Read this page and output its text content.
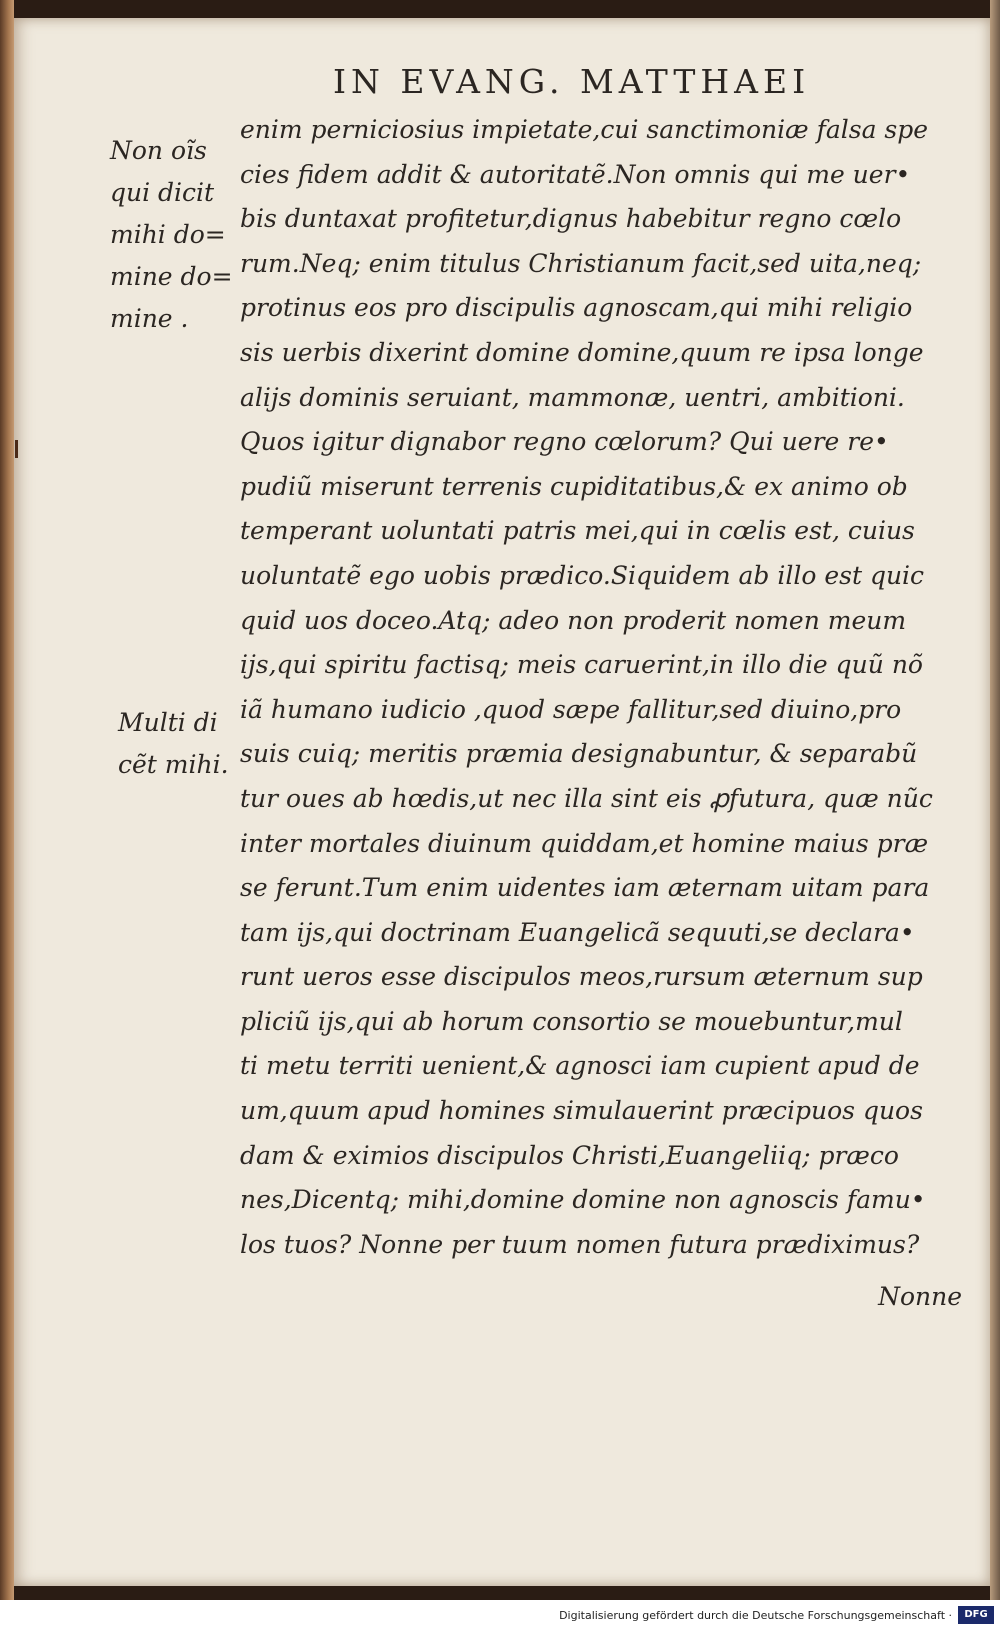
IN EVANG. MATTHAEI
Non oĩs
qui dicit
mihi do=
mine do=
mine .
Multi di
cẽt mihi.
enim perniciosius impietate,cui sanctimoniæ falsa spe
cies fidem addit & autoritatẽ.Non omnis qui me uer•
bis duntaxat profitetur,dignus habebitur regno cœlo
rum.Neq; enim titulus Christianum facit,sed uita,neq;
protinus eos pro discipulis agnoscam,qui mihi religio
sis uerbis dixerint domine domine,quum re ipsa longe
alijs dominis seruiant, mammonæ, uentri, ambitioni.
Quos igitur dignabor regno cœlorum? Qui uere re•
pudiũ miserunt terrenis cupiditatibus,& ex animo ob
temperant uoluntati patris mei,qui in cœlis est, cuius
uoluntatẽ ego uobis prædico.Siquidem ab illo est quic
quid uos doceo.Atq; adeo non proderit nomen meum
ijs,qui spiritu factisq; meis caruerint,in illo die quũ nõ
iã humano iudicio ,quod sæpe fallitur,sed diuino,pro
suis cuiq; meritis præmia designabuntur, & separabũ
tur oues ab hœdis,ut nec illa sint eis ꝓfutura, quæ nũc
inter mortales diuinum quiddam,et homine maius præ
se ferunt.Tum enim uidentes iam æternam uitam para
tam ijs,qui doctrinam Euangelicã sequuti,se declara•
runt ueros esse discipulos meos,rursum æternum sup
pliciũ ijs,qui ab horum consortio se mouebuntur,mul
ti metu territi uenient,& agnosci iam cupient apud de
um,quum apud homines simulauerint præcipuos quos
dam & eximios discipulos Christi,Euangeliiq; præco
nes,Dicentq; mihi,domine domine non agnoscis famu•
los tuos? Nonne per tuum nomen futura prædiximus?
Nonne
Digitalisierung gefördert durch die Deutsche Forschungsgemeinschaft ·	DFG
